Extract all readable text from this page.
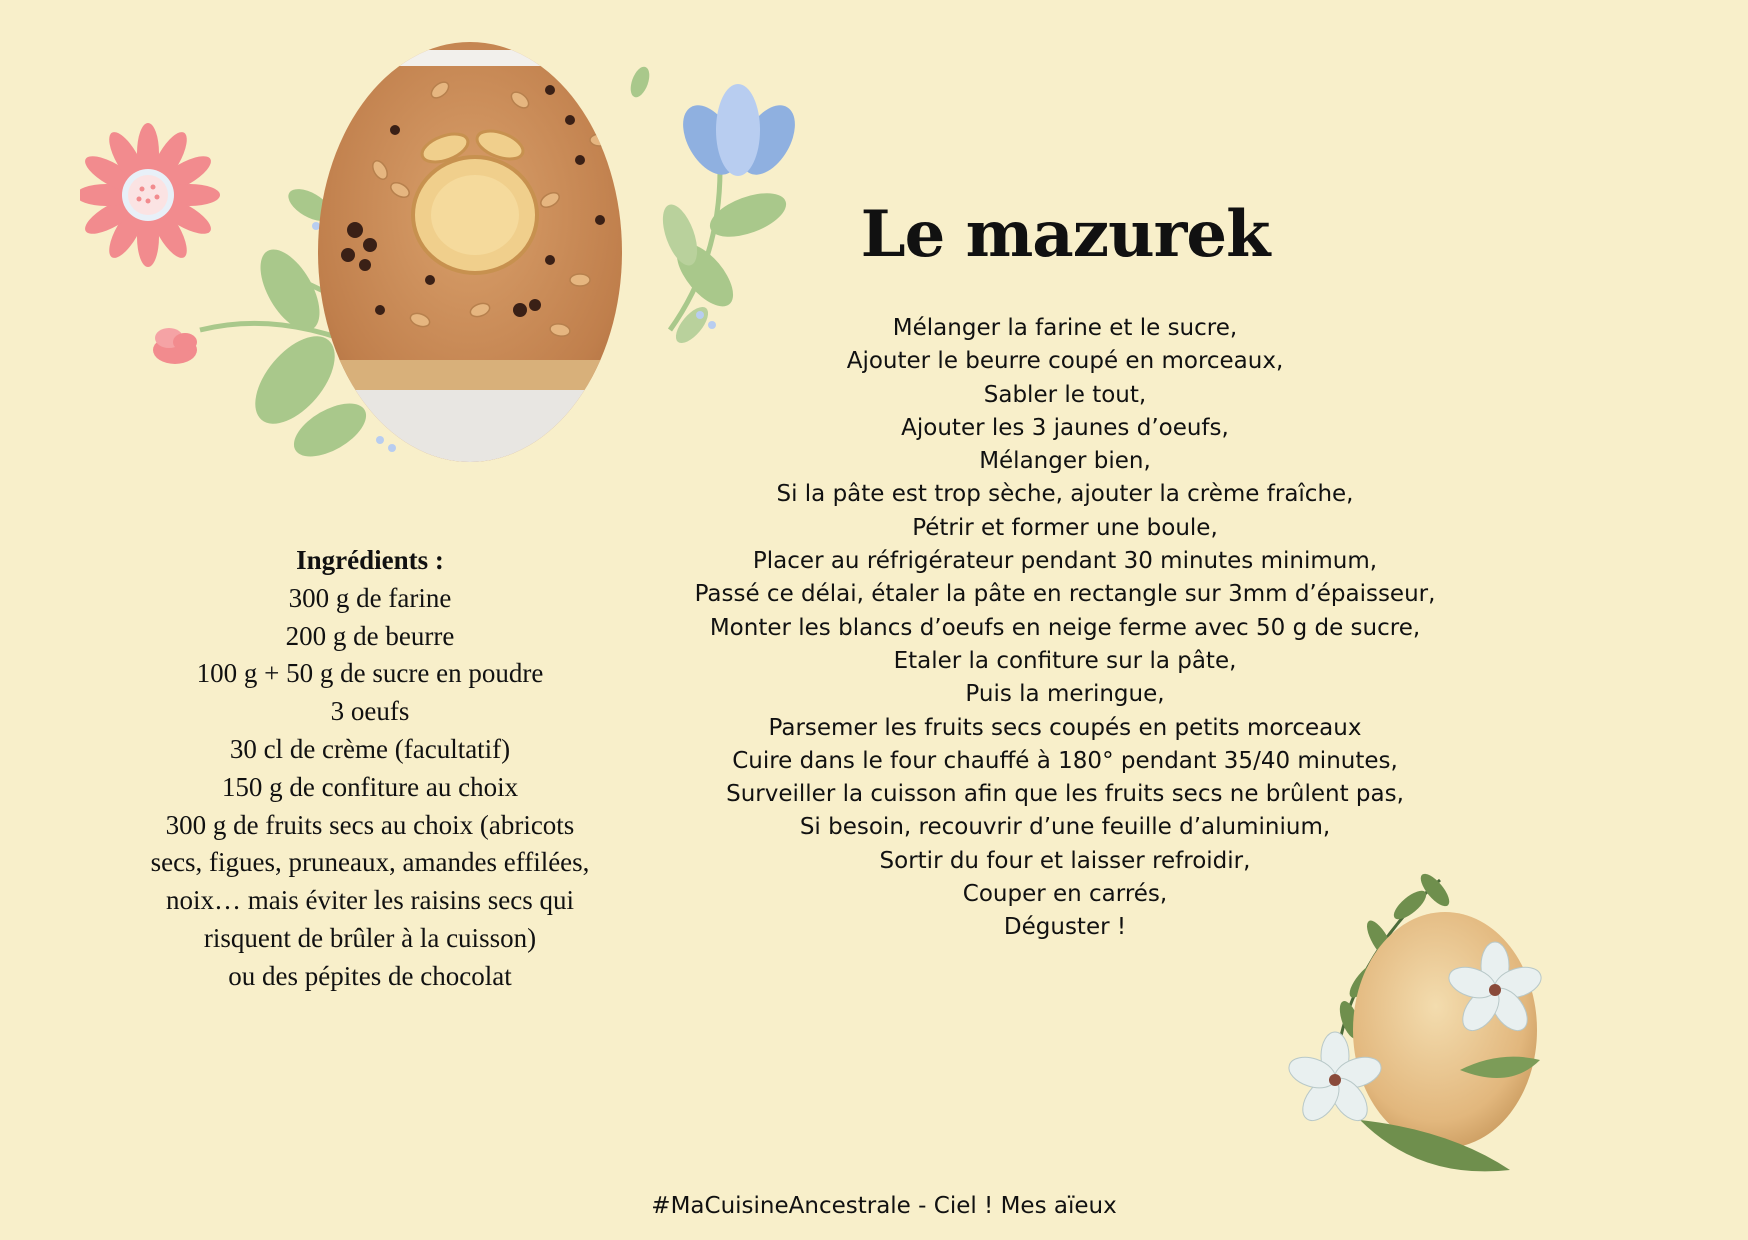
Le mazurek
Mélanger la farine et le sucre,
Ajouter le beurre coupé en morceaux,
Sabler le tout,
Ajouter les 3 jaunes d’oeufs,
Mélanger bien,
Si la pâte est trop sèche, ajouter la crème fraîche,
Pétrir et former une boule,
Placer au réfrigérateur pendant 30 minutes minimum,
Passé ce délai, étaler la pâte en rectangle sur 3mm d’épaisseur,
Monter les blancs d’oeufs en neige ferme avec 50 g de sucre,
Etaler la confiture sur la pâte,
Puis la meringue,
Parsemer les fruits secs coupés en petits morceaux
Cuire dans le four chauffé à 180° pendant 35/40 minutes,
Surveiller la cuisson afin que les fruits secs ne brûlent pas,
Si besoin, recouvrir d’une feuille d’aluminium,
Sortir du four et laisser refroidir,
Couper en carrés,
Déguster !
Ingrédients :
300 g de farine
200 g de beurre
100 g + 50 g de sucre en poudre
3 oeufs
30 cl de crème (facultatif)
150 g de confiture au choix
300 g de fruits secs au choix (abricots
secs, figues, pruneaux, amandes effilées,
noix… mais éviter les raisins secs qui
risquent de brûler à la cuisson)
ou des pépites de chocolat
#MaCuisineAncestrale - Ciel ! Mes aïeux
